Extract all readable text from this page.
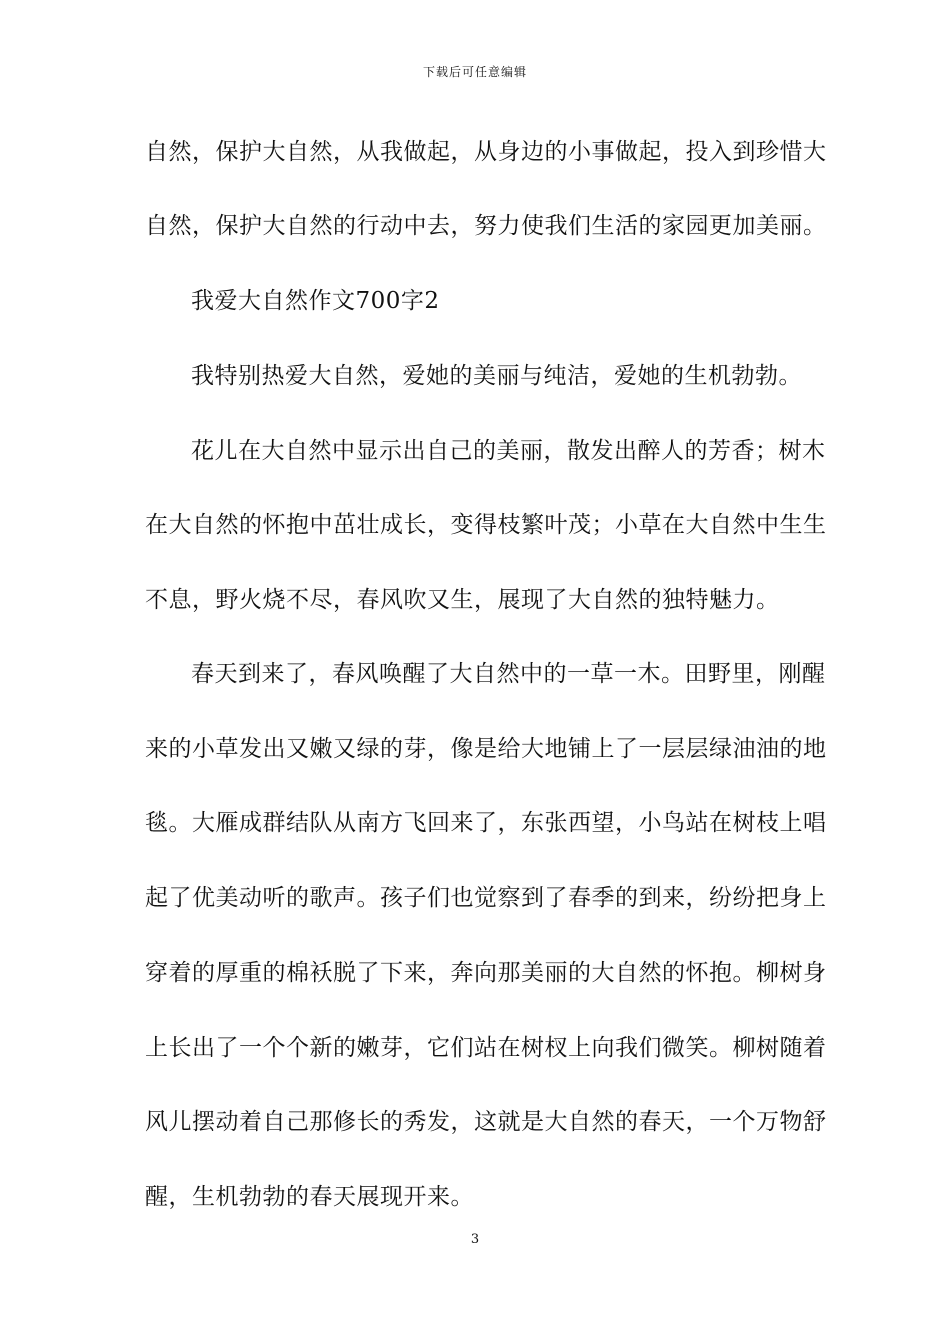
下载后可任意编辑
自然，保护大自然，从我做起，从身边的小事做起，投入到珍惜大
自然，保护大自然的行动中去，努力使我们生活的家园更加美丽。
我爱大自然作文700字2
我特别热爱大自然，爱她的美丽与纯洁，爱她的生机勃勃。
花儿在大自然中显示出自己的美丽，散发出醉人的芳香；树木
在大自然的怀抱中茁壮成长，变得枝繁叶茂；小草在大自然中生生
不息，野火烧不尽，春风吹又生，展现了大自然的独特魅力。
春天到来了，春风唤醒了大自然中的一草一木。田野里，刚醒
来的小草发出又嫩又绿的芽，像是给大地铺上了一层层绿油油的地
毯。大雁成群结队从南方飞回来了，东张西望，小鸟站在树枝上唱
起了优美动听的歌声。孩子们也觉察到了春季的到来，纷纷把身上
穿着的厚重的棉袄脱了下来，奔向那美丽的大自然的怀抱。柳树身
上长出了一个个新的嫩芽，它们站在树杈上向我们微笑。柳树随着
风儿摆动着自己那修长的秀发，这就是大自然的春天，一个万物舒
醒，生机勃勃的春天展现开来。
3
